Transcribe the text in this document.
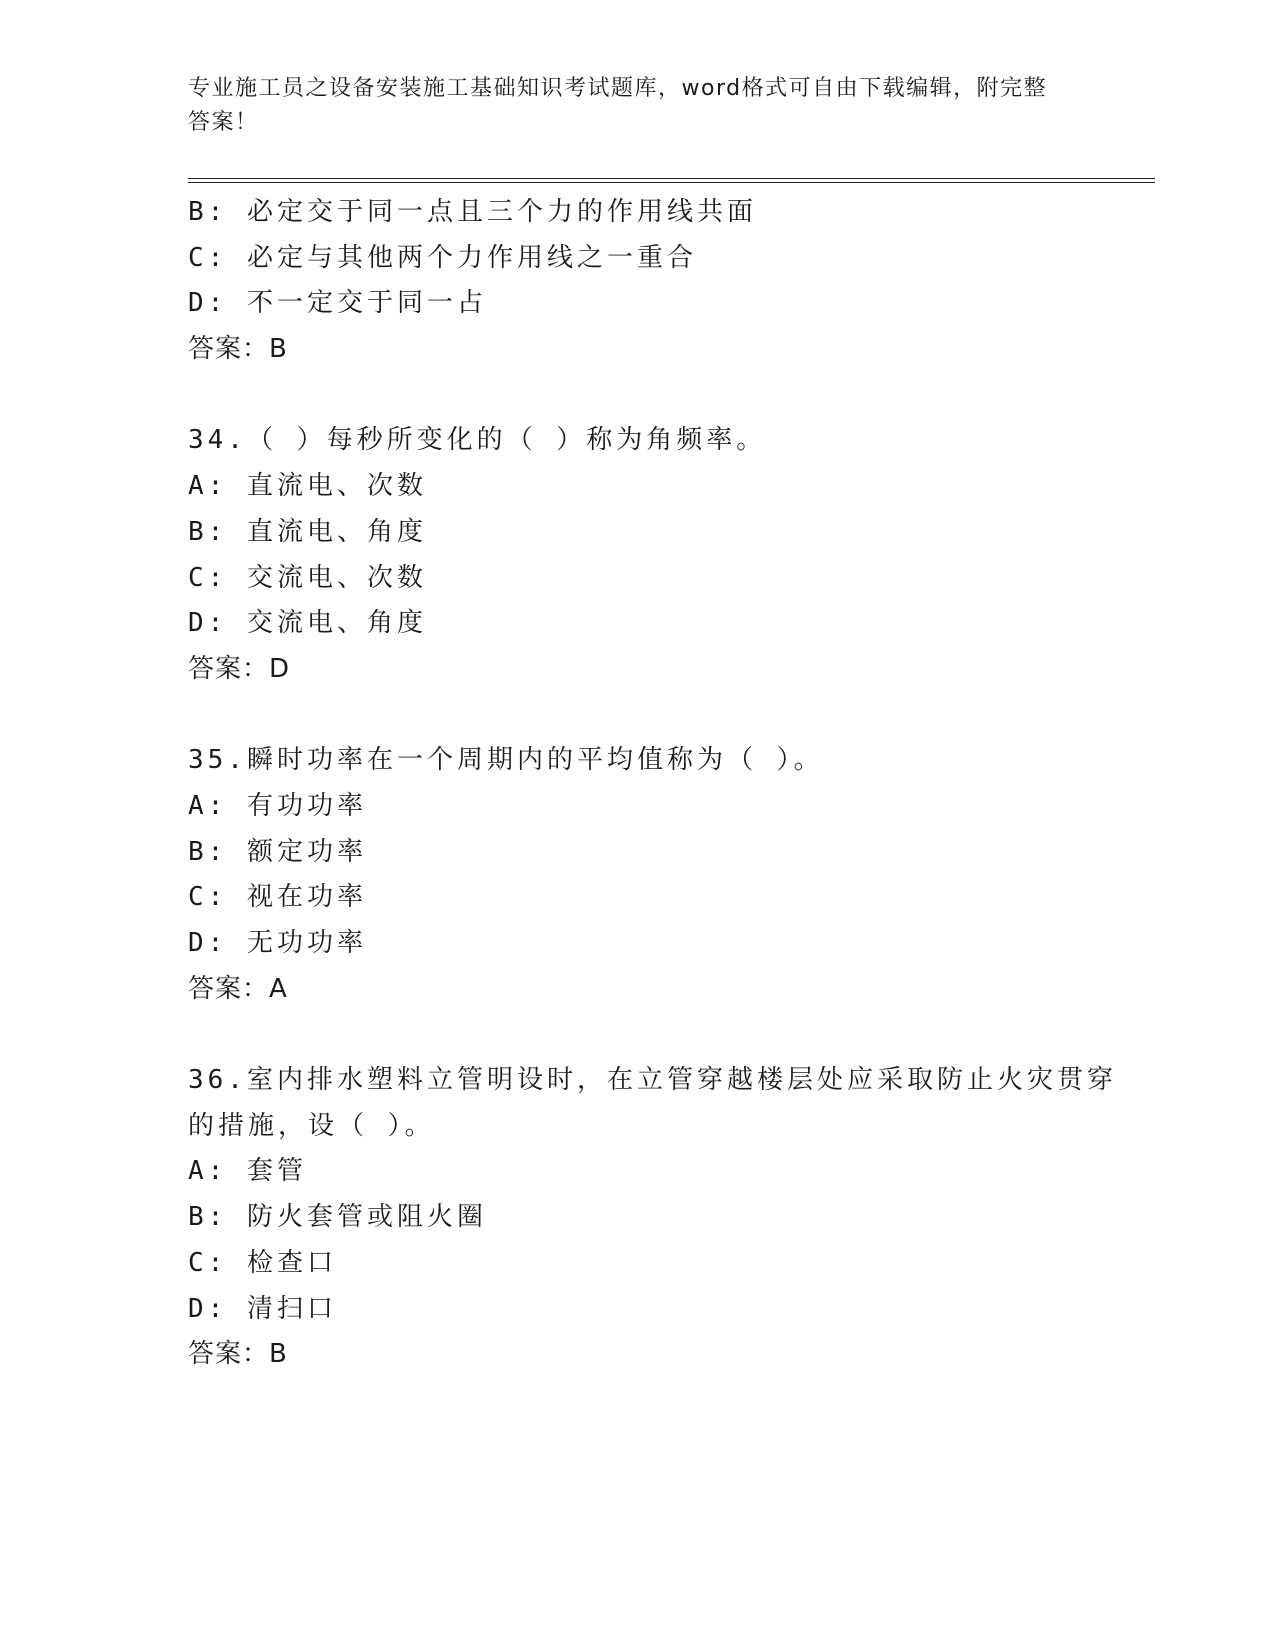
专业施工员之设备安装施工基础知识考试题库，word格式可自由下载编辑，附完整答案！
B: 必定交于同一点且三个力的作用线共面
C: 必定与其他两个力作用线之一重合
D: 不一定交于同一占
答案：B
34.（ ）每秒所变化的（ ）称为角频率。
A: 直流电、次数
B: 直流电、角度
C: 交流电、次数
D: 交流电、角度
答案：D
35.瞬时功率在一个周期内的平均值称为（ ）。
A: 有功功率
B: 额定功率
C: 视在功率
D: 无功功率
答案：A
36.室内排水塑料立管明设时，在立管穿越楼层处应采取防止火灾贯穿
的措施，设（ ）。
A: 套管
B: 防火套管或阻火圈
C: 检查口
D: 清扫口
答案：B
